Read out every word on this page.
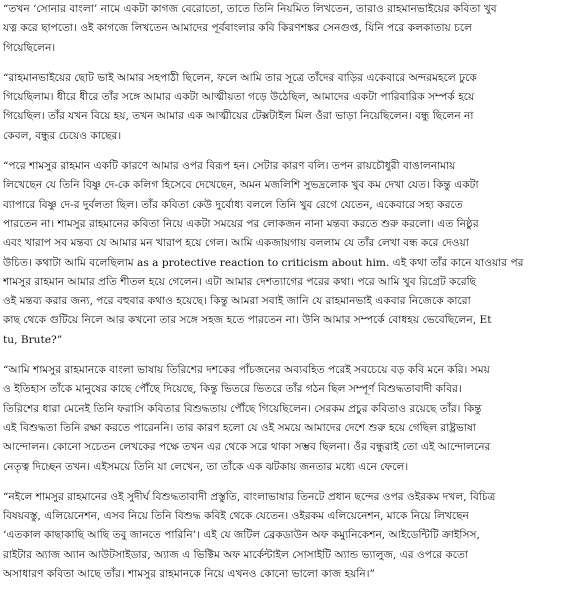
“তখন ‘সোনার বাংলা’ নামে একটা কাগজ বেরোতো, তাতে তিনি নিয়মিত লিখতেন, তারাও রাহমানভাইয়ের কবিতা খুব
যত্ন করে ছাপতো। ওই কাগজে লিখতেন আমাদের পূর্ববাংলার কবি কিরণশঙ্কর সেনগুপ্ত, যিনি পরে কলকাতায় চলে
গিয়েছিলেন।
“রাহমানভাইয়ের ছোট ভাই আমার সহপাঠী ছিলেন, ফলে আমি তার সূত্রে তাঁদের বাড়ির একেবারে অন্দরমহলে ঢুকে
গিয়েছিলাম। ধীরে ধীরে তাঁর সঙ্গে আমার একটা আত্মীয়তা গড়ে উঠেছিল, আমাদের একটা পারিবারিক সম্পর্ক হয়ে
গিয়েছিল। তাঁর যখন বিয়ে হয়, তখন আমার এক আত্মীয়ের টেক্সটাইল মিল ওঁরা ভাড়া নিয়েছিলেন। বন্ধু ছিলেন না
কেবল, বন্ধুর চেয়েও কাছের।
“পরে শামসুর রাহমান একটি কারণে আমার ওপর বিরূপ হন। সেটার কারণ বলি। তপন রায়চৌধুরী বাঙালনামায়
লিখেছেন যে তিনি বিষ্ণু দে-কে কলিগ হিসেবে দেখেছেন, অমন মজলিশি সুভদ্রলোক খুব কম দেখা যেত। কিন্তু একটা
ব্যাপারে বিষ্ণু দে-র দুর্বলতা ছিল। তাঁর কবিতা কেউ দুর্বোধ্য বললে তিনি খুব রেগে যেতেন, একেবারে সহ্য করতে
পারতেন না। শামসুর রাহমানের কবিতা নিয়ে একটা সময়ের পর লোকজন নানা মন্তব্য করতে শুরু করলো। এত নিষ্ঠুর
এবং খারাপ সব মন্তব্য যে আমার মন খারাপ হয়ে গেল। আমি একজায়গায় বললাম যে তাঁর লেখা বন্ধ করে দেওয়া
উচিত। কথাটা আমি বলেছিলাম as a protective reaction to criticism about him. এই কথা তাঁর কানে যাওয়ার পর
শামসুর রাহমান আমার প্রতি শীতল হয়ে গেলেন। এটা আমার দেশত্যাগের পরের কথা। পরে আমি খুব রিগ্রেট করেছি
ওই মন্তব্য করার জন্য, পরে বহুবার কথাও হয়েছে। কিন্তু আমরা সবাই জানি যে রাহমানভাই একবার নিজেকে কারো
কাছ থেকে গুটিয়ে নিলে আর কখনো তার সঙ্গে সহজ হতে পারতেন না। উনি আমার সম্পর্কে বোধহয় ভেবেছিলেন, Et
tu, Brute?”
“আমি শামসুর রাহমানকে বাংলা ভাষায় তিরিশের দশকের পাঁচজনের অব্যবহিত পরেই সবচেয়ে বড় কবি মনে করি। সময়
ও ইতিহাস তাঁকে মানুষের কাছে পৌঁছে দিয়েছে, কিন্তু ভিতরে ভিতরে তাঁর গঠন ছিল সম্পূর্ণ বিশুদ্ধতাবাদী কবির।
তিরিশের ধারা মেনেই তিনি ফরাসি কবিতার বিশুদ্ধতায় পৌঁছে গিয়েছিলেন। সেরকম প্রচুর কবিতাও রয়েছে তাঁর। কিন্তু
এই বিশুদ্ধতা তিনি রক্ষা করতে পারেননি। তার কারণ হলো যে ওই সময়ে আমাদের দেশে শুরু হয়ে গেছিল রাষ্ট্রভাষা
আন্দোলন। কোনো সচেতন লেখকের পক্ষে তখন এর থেকে সরে থাকা সম্ভব ছিলনা। ওঁর বন্ধুরাই তো এই আন্দোলনের
নেতৃত্ব দিচ্ছেন তখন। এইসময়ে তিনি যা লেখেন, তা তাঁকে এক ঝটকায় জনতার মধ্যে এনে ফেলে।
“নইলে শামসুর রাহমানের ওই সুদীর্ঘ বিশুদ্ধতাবাদী প্রস্তুতি, বাংলাভাষার তিনটে প্রধান ছন্দের ওপর ওইরকম দখল, বিচিত্র
বিষয়বস্তু, এলিয়েনেশন, এসব নিয়ে তিনি বিশুদ্ধ কবিই থেকে যেতেন। ওইরকম এলিয়েনেশন, মাকে নিয়ে লিখছেন
‘এতকাল কাছাকাছি আছি তবু জানতে পারিনি’। এই যে জটিল ব্রেকডাউন অফ কম্যুনিকেশন, আইডেন্টিটি ক্রাইসিস,
রাইটার অ্যাজ অ্যান আউটসাইডার, অ্যাজ এ ভিক্টিম অফ মার্কেন্টাইল সোসাইটি অ্যান্ড ভ্যালুজ, এর ওপরে কতো
অসাধারণ কবিতা আছে তাঁর। শামসুর রাহমানকে নিয়ে এখনও কোনো ভালো কাজ হয়নি।”
